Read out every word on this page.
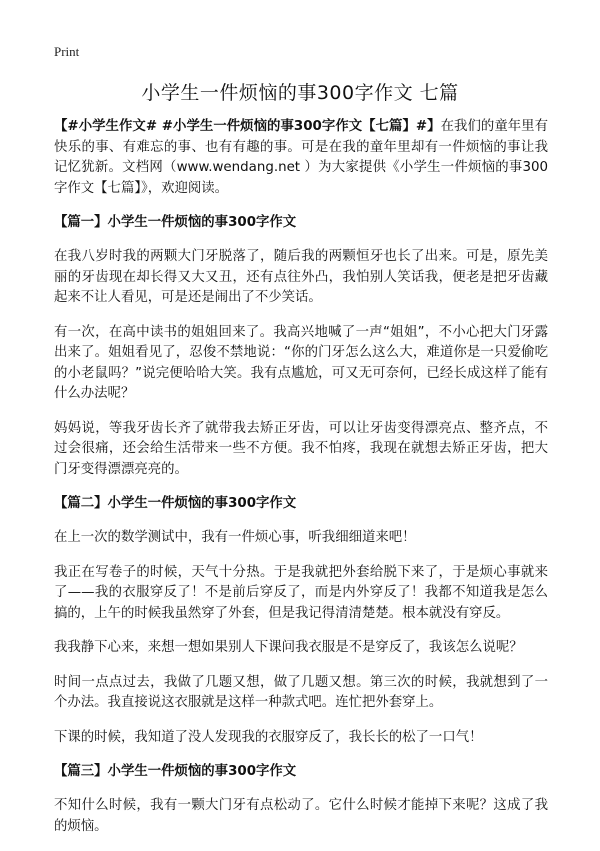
Print
小学生一件烦恼的事300字作文 七篇

【#小学生作文# #小学生一件烦恼的事300字作文【七篇】#】在我们的童年里有快乐的事、有难忘的事、也有有趣的事。可是在我的童年里却有一件烦恼的事让我记忆犹新。文档网（www.wendang.net ）为大家提供《小学生一件烦恼的事300字作文【七篇】》，欢迎阅读。

【篇一】小学生一件烦恼的事300字作文

在我八岁时我的两颗大门牙脱落了，随后我的两颗恒牙也长了出来。可是，原先美丽的牙齿现在却长得又大又丑，还有点往外凸，我怕别人笑话我，便老是把牙齿藏起来不让人看见，可是还是闹出了不少笑话。

有一次，在高中读书的姐姐回来了。我高兴地喊了一声“姐姐”，不小心把大门牙露出来了。姐姐看见了，忍俊不禁地说：“你的门牙怎么这么大，难道你是一只爱偷吃的小老鼠吗？”说完便哈哈大笑。我有点尴尬，可又无可奈何，已经长成这样了能有什么办法呢？

妈妈说，等我牙齿长齐了就带我去矫正牙齿，可以让牙齿变得漂亮点、整齐点，不过会很痛，还会给生活带来一些不方便。我不怕疼，我现在就想去矫正牙齿，把大门牙变得漂漂亮亮的。

【篇二】小学生一件烦恼的事300字作文

在上一次的数学测试中，我有一件烦心事，听我细细道来吧！

我正在写卷子的时候，天气十分热。于是我就把外套给脱下来了，于是烦心事就来了——我的衣服穿反了！不是前后穿反了，而是内外穿反了！我都不知道我是怎么搞的，上午的时候我虽然穿了外套，但是我记得清清楚楚。根本就没有穿反。

我我静下心来，来想一想如果别人下课问我衣服是不是穿反了，我该怎么说呢？

时间一点点过去，我做了几题又想，做了几题又想。第三次的时候，我就想到了一个办法。我直接说这衣服就是这样一种款式吧。连忙把外套穿上。

下课的时候，我知道了没人发现我的衣服穿反了，我长长的松了一口气！

【篇三】小学生一件烦恼的事300字作文

不知什么时候，我有一颗大门牙有点松动了。它什么时候才能掉下来呢？这成了我的烦恼。
